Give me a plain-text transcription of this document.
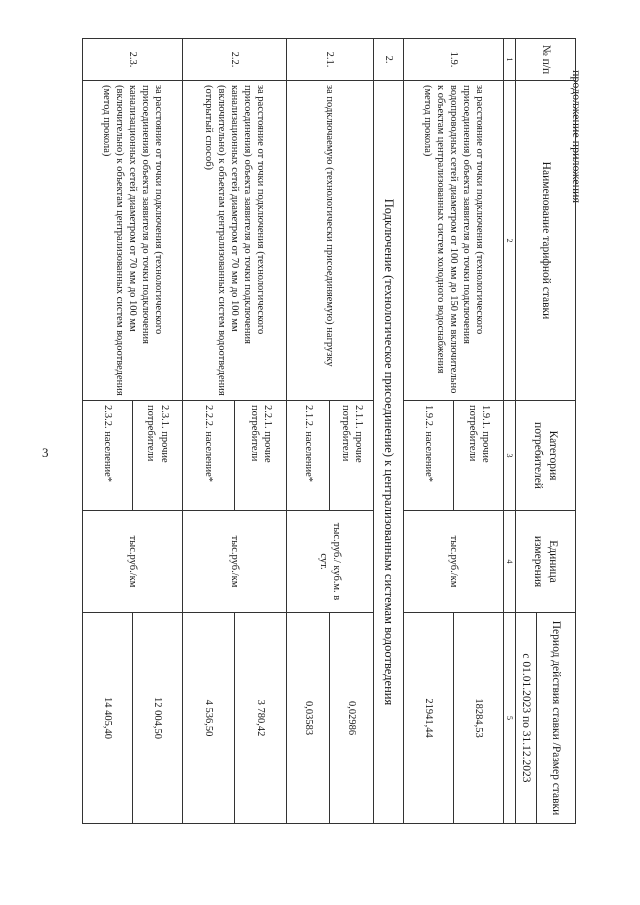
3
продолжение приложения
№ п/п	Наименование тарифной ставки	Категория потребителей	Единица измерения	Период действия ставки /Размер ставки
				с 01.01.2023 по 31.12.2023
1	2	3	4	5
1.9.	за расстояние от точки подключения (технологического присоединения) объекта заявителя до точки подключения водопроводных сетей диаметром от 100 мм до 150 мм включительно к объектам централизованных систем холодного водоснабжения (метод прокола)	1.9.1. прочие потребители	тыс.руб./км	18284,53
		1.9.2. население*		21941,44
2.	Подключение (технологическое присоединение) к централизованным системам водоотведения			
2.1.	за подключаемую (технологически присоединяемую) нагрузку	2.1.1. прочие потребители	тыс.руб./ куб.м. в сут.	0,02986
		2.1.2. население*		0,03583
2.2.	за расстояние от точки подключения (технологического присоединения) объекта заявителя до точки подключения канализационных сетей диаметром от 70 мм до 100 мм (включительно) к объектам централизованных систем водоотведения (открытый способ)	2.2.1. прочие потребители	тыс.руб./км	3 780,42
		2.2.2. население*		4 536,50
2.3.	за расстояние от точки подключения (технологического присоединения) объекта заявителя до точки подключения канализационных сетей диаметром от 70 мм до 100 мм (включительно) к объектам централизованных систем водоотведения (метод прокола)	2.3.1. прочие потребители	тыс.руб./км	12 004,50
		2.3.2. население*		14 405,40
